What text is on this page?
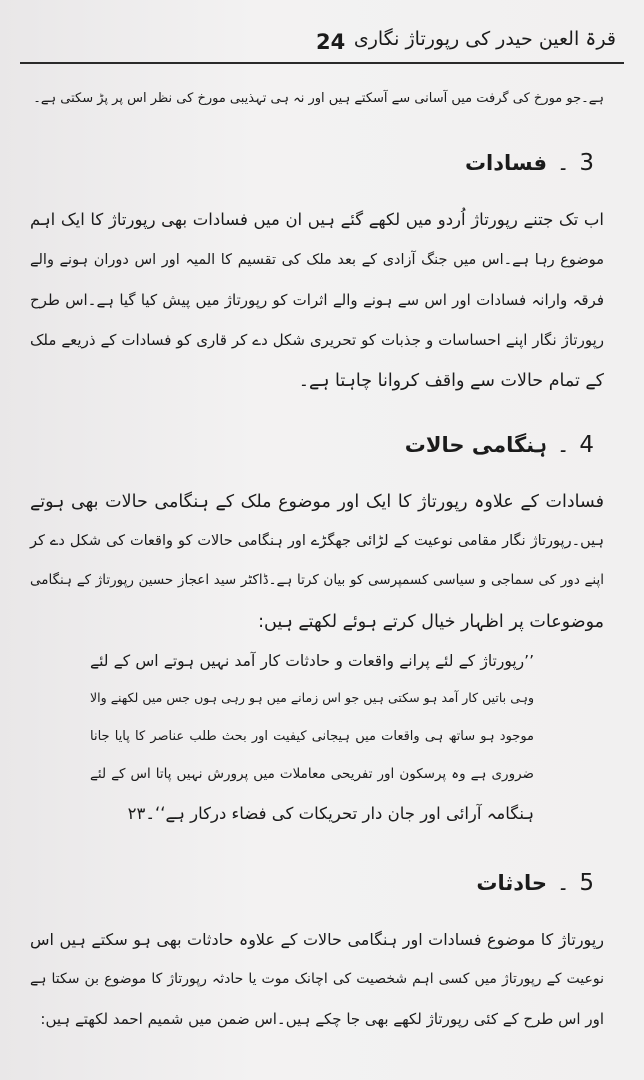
24 قرۃ العین حیدر کی رپورتاژ نگاری
ہے۔جو مورخ کی گرفت میں آسانی سے آسکتے ہیں اور نہ ہی تہذیبی مورخ کی نظر اس پر پڑ سکتی ہے۔
3
۔
فسادات
اب تک جتنے رپورتاژ اُردو میں لکھے گئے ہیں ان میں فسادات بھی رپورتاژ کا ایک اہم
موضوع رہا ہے۔اس میں جنگ آزادی کے بعد ملک کی تقسیم کا المیہ اور اس دوران ہونے والے
فرقہ وارانہ فسادات اور اس سے ہونے والے اثرات کو رپورتاژ میں پیش کیا گیا ہے۔اس طرح
رپورتاژ نگار اپنے احساسات و جذبات کو تحریری شکل دے کر قاری کو فسادات کے ذریعے ملک
کے تمام حالات سے واقف کروانا چاہتا ہے۔
4
۔
ہنگامی حالات
فسادات کے علاوہ رپورتاژ کا ایک اور موضوع ملک کے ہنگامی حالات بھی ہوتے
ہیں۔رپورتاژ نگار مقامی نوعیت کے لڑائی جھگڑے اور ہنگامی حالات کو واقعات کی شکل دے کر
اپنے دور کی سماجی و سیاسی کسمپرسی کو بیان کرتا ہے۔ڈاکٹر سید اعجاز حسین رپورتاژ کے ہنگامی
موضوعات پر اظہار خیال کرتے ہوئے لکھتے ہیں:
’’رپورتاژ کے لئے پرانے واقعات و حادثات کار آمد نہیں ہوتے اس کے لئے
وہی باتیں کار آمد ہو سکتی ہیں جو اس زمانے میں ہو رہی ہوں جس میں لکھنے والا
موجود ہو ساتھ ہی واقعات میں ہیجانی کیفیت اور بحث طلب عناصر کا پایا جانا
ضروری ہے وہ پرسکون اور تفریحی معاملات میں پرورش نہیں پاتا اس کے لئے
ہنگامہ آرائی اور جان دار تحریکات کی فضاء درکار ہے‘‘۔۲۳
5
۔
حادثات
رپورتاژ کا موضوع فسادات اور ہنگامی حالات کے علاوہ حادثات بھی ہو سکتے ہیں اس
نوعیت کے رپورتاژ میں کسی اہم شخصیت کی اچانک موت یا حادثہ رپورتاژ کا موضوع بن سکتا ہے
اور اس طرح کے کئی رپورتاژ لکھے بھی جا چکے ہیں۔اس ضمن میں شمیم احمد لکھتے ہیں:
